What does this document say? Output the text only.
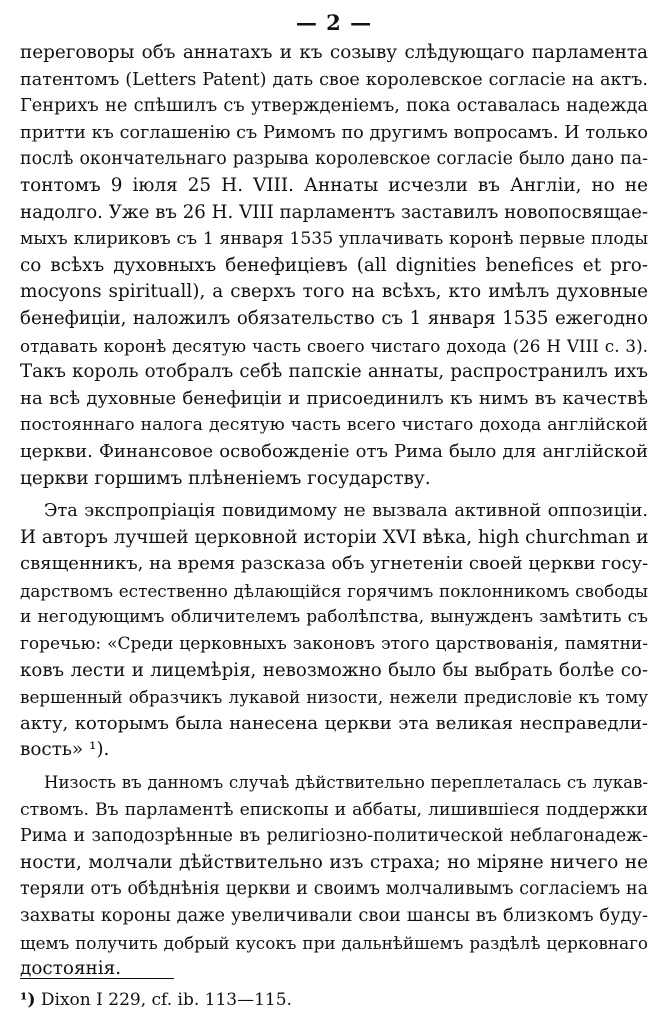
— 2 —
переговоры объ аннатахъ и къ созыву слѣдующаго парламента
патентомъ (Letters Patent) дать свое королевское согласіе на актъ.
Генрихъ не спѣшилъ съ утвержденіемъ, пока оставалась надежда
притти къ соглашенію съ Римомъ по другимъ вопросамъ. И только
послѣ окончательнаго разрыва королевское согласіе было дано па-
тонтомъ 9 іюля 25 Н. VIII. Аннаты исчезли въ Англіи, но не
надолго. Уже въ 26 Н. VIII парламентъ заставилъ новопосвящае-
мыхъ клириковъ съ 1 января 1535 уплачивать коронѣ первые плоды
со всѣхъ духовныхъ бенефицiевъ (all dignities benefices et pro-
mocyons spirituall), а сверхъ того на всѣхъ, кто имѣлъ духовные
бенефиціи, наложилъ обязательство съ 1 января 1535 ежегодно
отдавать коронѣ десятую часть своего чистаго дохода (26 H VIII c. 3).
Такъ король отобралъ себѣ папскіе аннаты, распространилъ ихъ
на всѣ духовные бенефиціи и присоединилъ къ нимъ въ качествѣ
постояннаго налога десятую часть всего чистаго дохода англійской
церкви. Финансовое освобожденіе отъ Рима было для англійской
церкви горшимъ плѣненіемъ государству.
Эта экспропріація повидимому не вызвала активной оппозиціи.
И авторъ лучшей церковной исторіи XVI вѣка, high churchman и
священникъ, на время разсказа объ угнетеніи своей церкви госу-
дарствомъ естественно дѣлающійся горячимъ поклонникомъ свободы
и негодующимъ обличителемъ раболѣпства, вынужденъ замѣтить съ
горечью: «Среди церковныхъ законовъ этого царствованія, памятни-
ковъ лести и лицемѣрія, невозможно было бы выбрать болѣе со-
вершенный образчикъ лукавой низости, нежели предисловіе къ тому
акту, которымъ была нанесена церкви эта великая несправедли-
вость» ¹).
Низость въ данномъ случаѣ дѣйствительно переплеталась съ лукав-
ствомъ. Въ парламентѣ епископы и аббаты, лишившіеся поддержки
Рима и заподозрѣнные въ религіозно-политической неблагонадеж-
ности, молчали дѣйствительно изъ страха; но мірянe ничего не
теряли отъ обѣднѣнія церкви и своимъ молчаливымъ согласіемъ на
захваты короны даже увеличивали свои шансы въ близкомъ буду-
щемъ получить добрый кусокъ при дальнѣйшемъ раздѣлѣ церковнаго
достоянія.
¹) Dixon I 229, cf. ib. 113—115.
